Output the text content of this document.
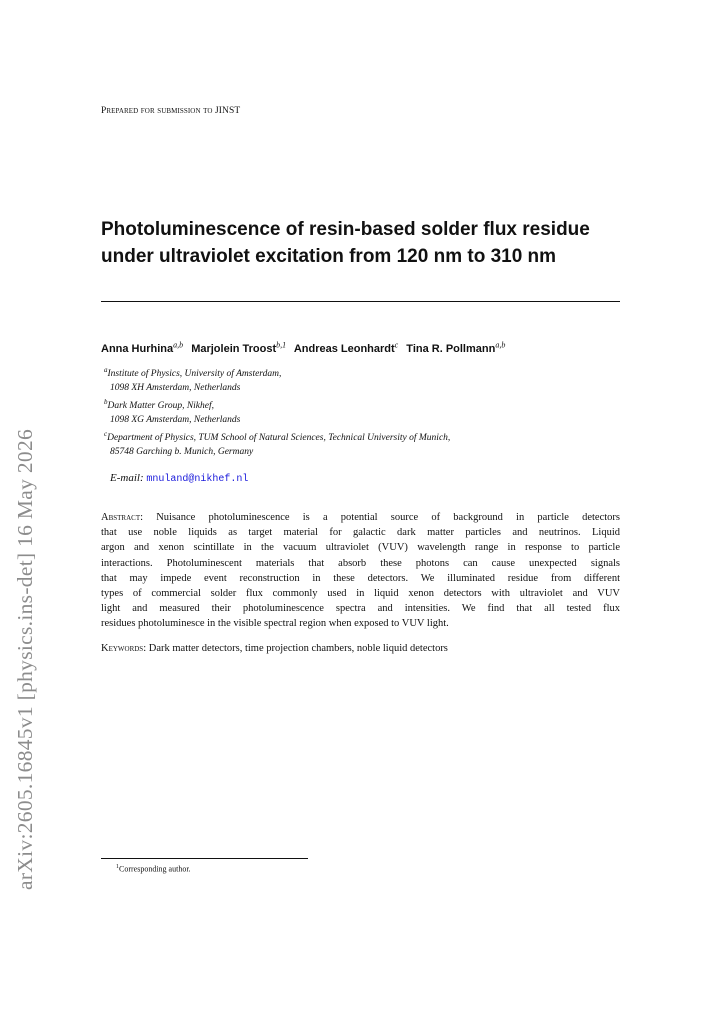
Prepared for submission to JINST
Photoluminescence of resin-based solder flux residue
under ultraviolet excitation from 120 nm to 310 nm
Anna Hurhina$^{a,b}$ Marjolein Troost$^{b,1}$ Andreas Leonhardt$^c$ Tina R. Pollmann$^{a,b}$
$^a$Institute of Physics, University of Amsterdam,
1098 XH Amsterdam, Netherlands
$^b$Dark Matter Group, Nikhef,
1098 XG Amsterdam, Netherlands
$^c$Department of Physics, TUM School of Natural Sciences, Technical University of Munich,
85748 Garching b. Munich, Germany
E-mail: mnuland@nikhef.nl
Abstract: Nuisance photoluminescence is a potential source of background in particle detectors
that use noble liquids as target material for galactic dark matter particles and neutrinos. Liquid
argon and xenon scintillate in the vacuum ultraviolet (VUV) wavelength range in response to particle
interactions. Photoluminescent materials that absorb these photons can cause unexpected signals
that may impede event reconstruction in these detectors. We illuminated residue from different
types of commercial solder flux commonly used in liquid xenon detectors with ultraviolet and VUV
light and measured their photoluminescence spectra and intensities. We find that all tested flux
residues photoluminesce in the visible spectral region when exposed to VUV light.
Keywords: Dark matter detectors, time projection chambers, noble liquid detectors
$^1$Corresponding author.
arXiv:2605.16845v1 [physics.ins-det] 16 May 2026
